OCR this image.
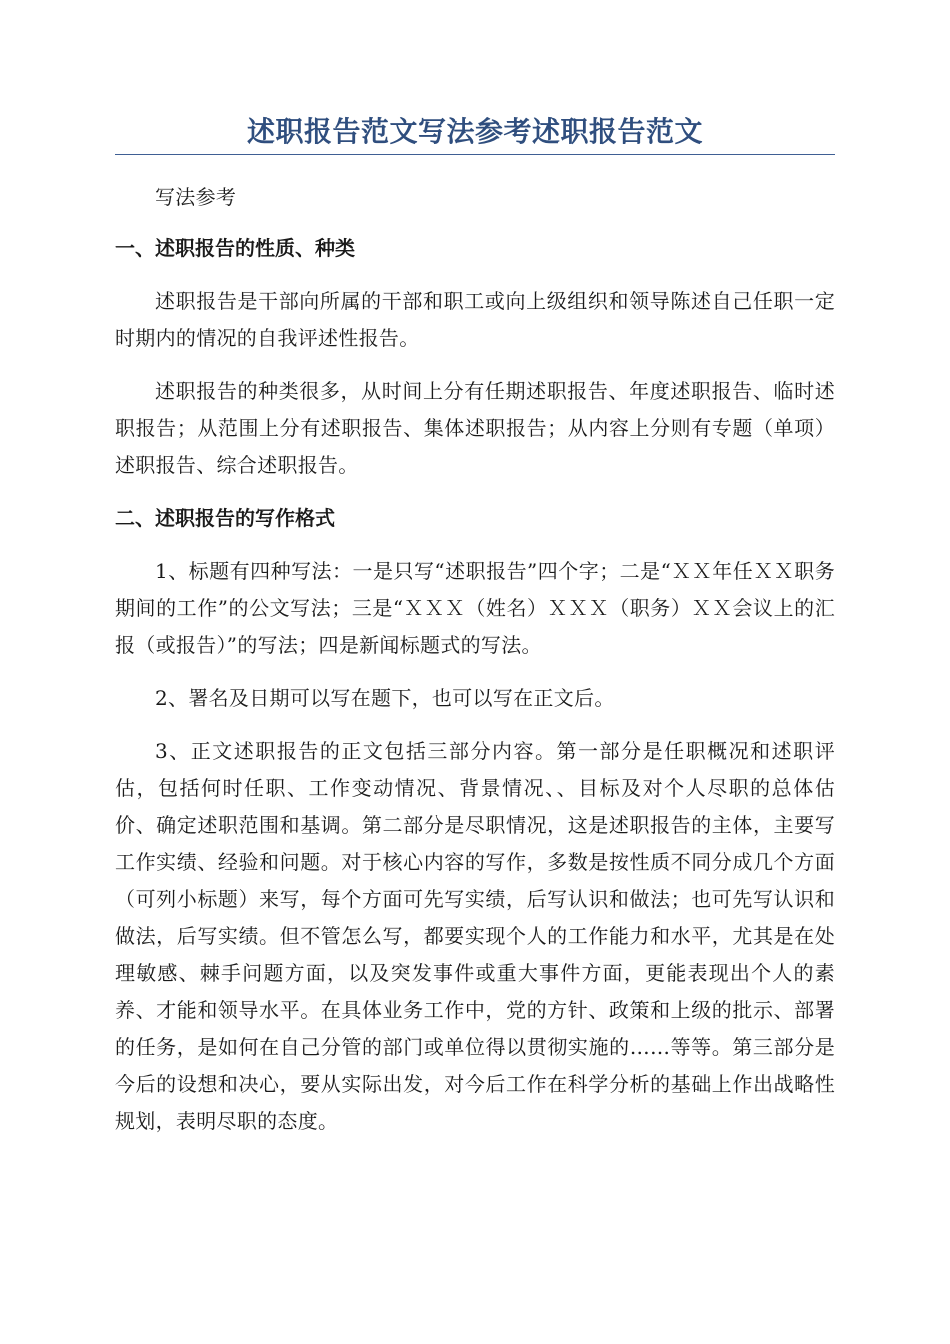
述职报告范文写法参考述职报告范文

写法参考

一、述职报告的性质、种类

述职报告是干部向所属的干部和职工或向上级组织和领导陈述自己任职一定时期内的情况的自我评述性报告。

述职报告的种类很多，从时间上分有任期述职报告、年度述职报告、临时述职报告；从范围上分有述职报告、集体述职报告；从内容上分则有专题（单项）述职报告、综合述职报告。

二、述职报告的写作格式

1、标题有四种写法：一是只写“述职报告”四个字；二是“ＸＸ年任ＸＸ职务期间的工作”的公文写法；三是“ＸＸＸ（姓名）ＸＸＸ（职务）ＸＸ会议上的汇报（或报告）”的写法；四是新闻标题式的写法。

2、署名及日期可以写在题下，也可以写在正文后。

3、正文述职报告的正文包括三部分内容。第一部分是任职概况和述职评估，包括何时任职、工作变动情况、背景情况、、目标及对个人尽职的总体估价、确定述职范围和基调。第二部分是尽职情况，这是述职报告的主体，主要写工作实绩、经验和问题。对于核心内容的写作，多数是按性质不同分成几个方面（可列小标题）来写，每个方面可先写实绩，后写认识和做法；也可先写认识和做法，后写实绩。但不管怎么写，都要实现个人的工作能力和水平，尤其是在处理敏感、棘手问题方面，以及突发事件或重大事件方面，更能表现出个人的素养、才能和领导水平。在具体业务工作中，党的方针、政策和上级的批示、部署的任务，是如何在自己分管的部门或单位得以贯彻实施的……等等。第三部分是今后的设想和决心，要从实际出发，对今后工作在科学分析的基础上作出战略性规划，表明尽职的态度。
